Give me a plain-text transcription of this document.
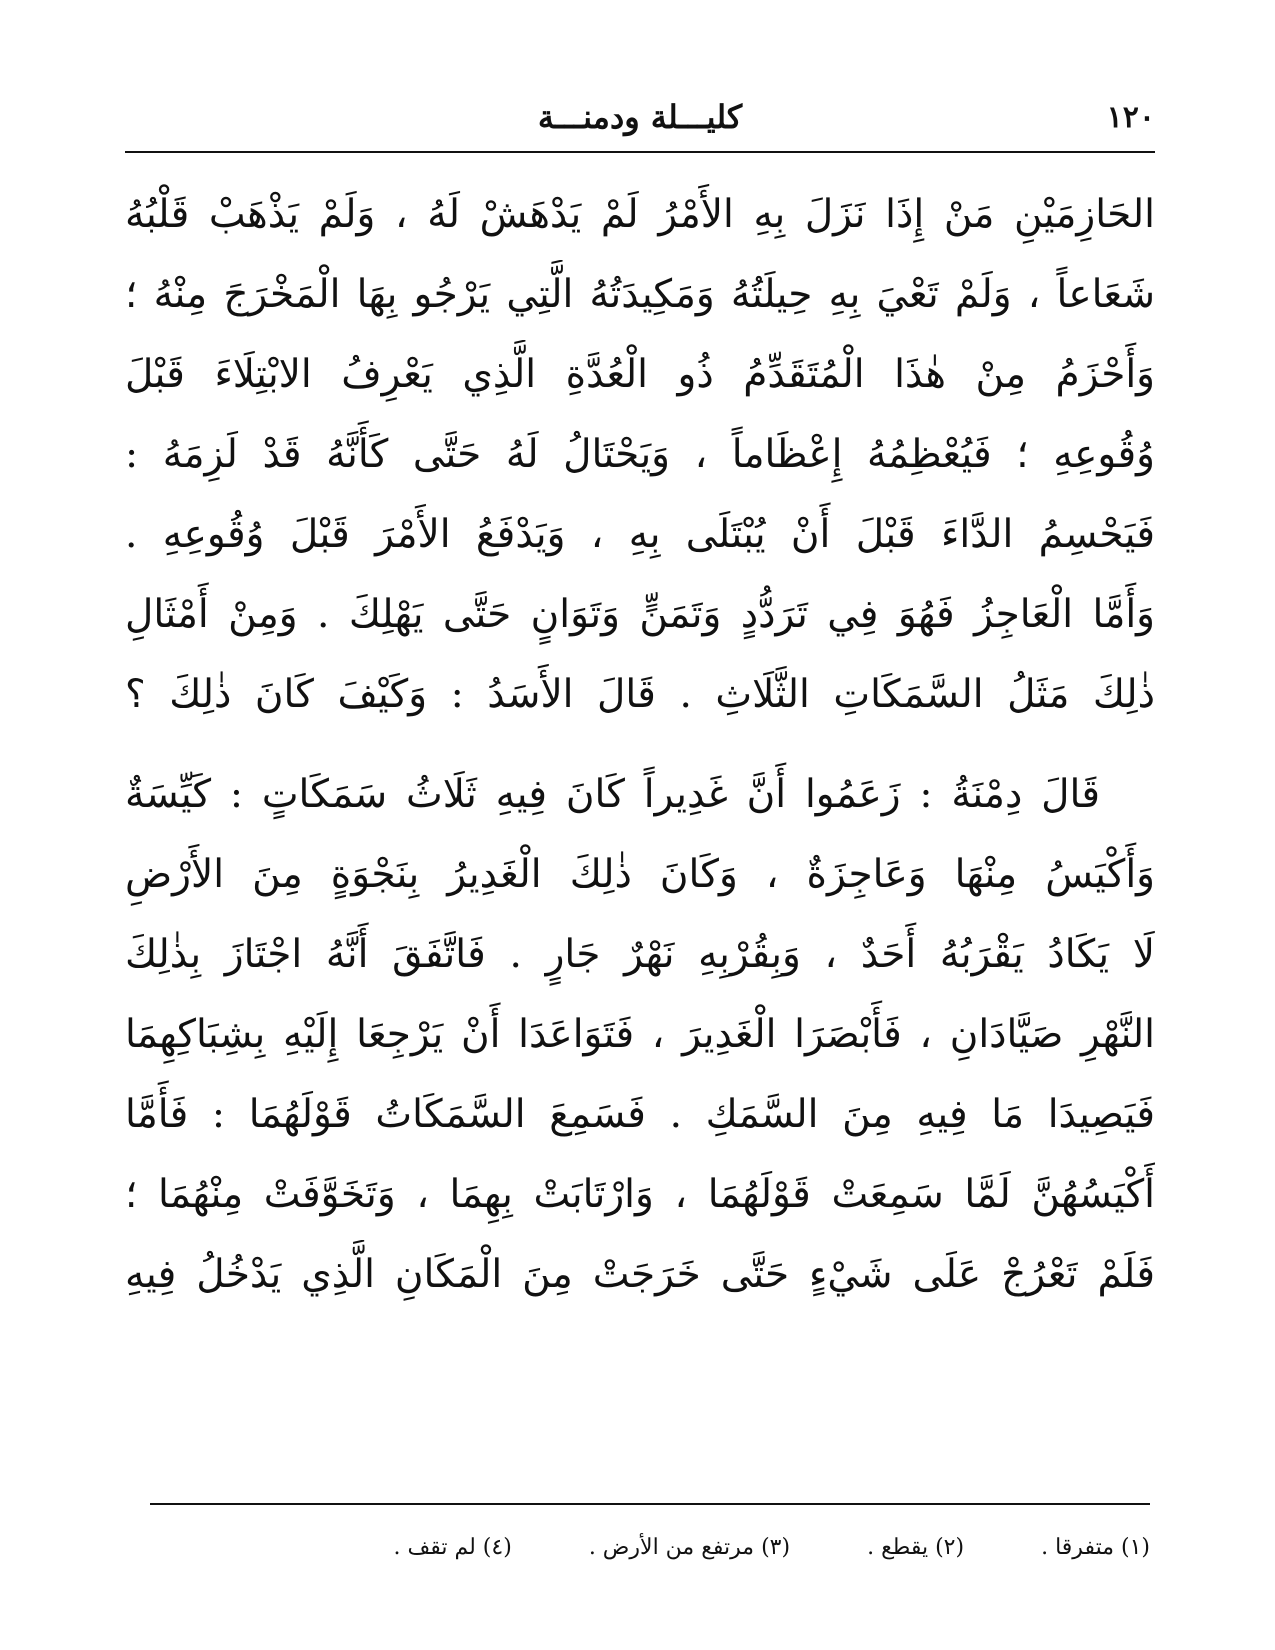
١٢٠
كليـــلة ودمنـــة
الحَازِمَيْنِ مَنْ إِذَا نَزَلَ بِهِ الأَمْرُ لَمْ يَدْهَشْ لَهُ ، وَلَمْ يَذْهَبْ قَلْبُهُ
شَعَاعاً ، وَلَمْ تَعْيَ بِهِ حِيلَتُهُ وَمَكِيدَتُهُ الَّتِي يَرْجُو بِهَا الْمَخْرَجَ مِنْهُ ؛
وَأَحْزَمُ مِنْ هٰذَا الْمُتَقَدِّمُ ذُو الْعُدَّةِ الَّذِي يَعْرِفُ الابْتِلَاءَ قَبْلَ
وُقُوعِهِ ؛ فَيُعْظِمُهُ إِعْظَاماً ، وَيَحْتَالُ لَهُ حَتَّى كَأَنَّهُ قَدْ لَزِمَهُ :
فَيَحْسِمُ الدَّاءَ قَبْلَ أَنْ يُبْتَلَى بِهِ ، وَيَدْفَعُ الأَمْرَ قَبْلَ وُقُوعِهِ .
وَأَمَّا الْعَاجِزُ فَهُوَ فِي تَرَدُّدٍ وَتَمَنٍّ وَتَوَانٍ حَتَّى يَهْلِكَ . وَمِنْ أَمْثَالِ
ذٰلِكَ مَثَلُ السَّمَكَاتِ الثَّلَاثِ . قَالَ الأَسَدُ : وَكَيْفَ كَانَ ذٰلِكَ ؟
قَالَ دِمْنَةُ : زَعَمُوا أَنَّ غَدِيراً كَانَ فِيهِ ثَلَاثُ سَمَكَاتٍ : كَيِّسَةٌ
وَأَكْيَسُ مِنْهَا وَعَاجِزَةٌ ، وَكَانَ ذٰلِكَ الْغَدِيرُ بِنَجْوَةٍ مِنَ الأَرْضِ
لَا يَكَادُ يَقْرَبُهُ أَحَدٌ ، وَبِقُرْبِهِ نَهْرٌ جَارٍ . فَاتَّفَقَ أَنَّهُ اجْتَازَ بِذٰلِكَ
النَّهْرِ صَيَّادَانِ ، فَأَبْصَرَا الْغَدِيرَ ، فَتَوَاعَدَا أَنْ يَرْجِعَا إِلَيْهِ بِشِبَاكِهِمَا
فَيَصِيدَا مَا فِيهِ مِنَ السَّمَكِ . فَسَمِعَ السَّمَكَاتُ قَوْلَهُمَا : فَأَمَّا
أَكْيَسُهُنَّ لَمَّا سَمِعَتْ قَوْلَهُمَا ، وَارْتَابَتْ بِهِمَا ، وَتَخَوَّفَتْ مِنْهُمَا ؛
فَلَمْ تَعْرُجْ عَلَى شَيْءٍ حَتَّى خَرَجَتْ مِنَ الْمَكَانِ الَّذِي يَدْخُلُ فِيهِ
(١) متفرقا . (٢) يقطع . (٣) مرتفع من الأرض . (٤) لم تقف .
